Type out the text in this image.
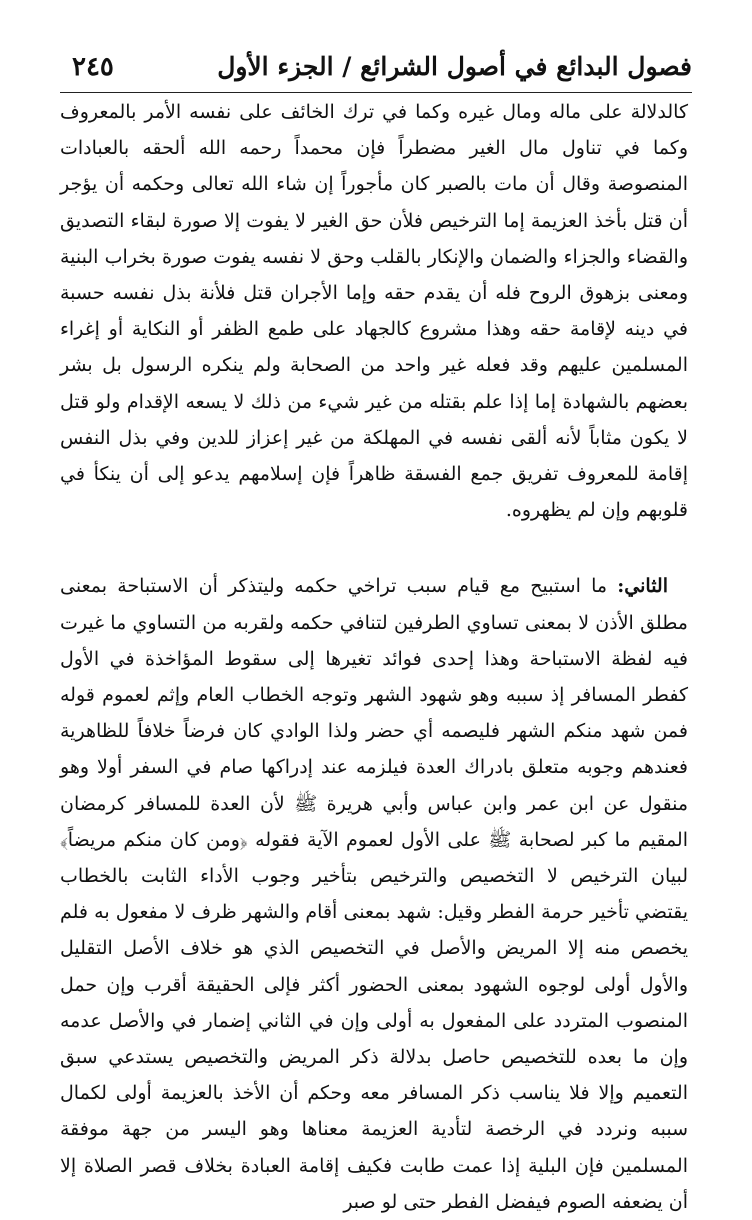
فصول البدائع في أصول الشرائع / الجزء الأول
٢٤٥

كالدلالة على ماله ومال غيره وكما في ترك الخائف على نفسه الأمر بالمعروف وكما في تناول مال الغير مضطراً فإن محمداً رحمه الله ألحقه بالعبادات المنصوصة وقال أن مات بالصبر كان مأجوراً إن شاء الله تعالى وحكمه أن يؤجر أن قتل بأخذ العزيمة إما الترخيص فلأن حق الغير لا يفوت إلا صورة لبقاء التصديق والقضاء والجزاء والضمان والإنكار بالقلب وحق لا نفسه يفوت صورة بخراب البنية ومعنى بزهوق الروح فله أن يقدم حقه وإما الأجران قتل فلأنة بذل نفسه حسبة في دينه لإقامة حقه وهذا مشروع كالجهاد على طمع الظفر أو النكاية أو إغراء المسلمين عليهم وقد فعله غير واحد من الصحابة ولم ينكره الرسول بل بشر بعضهم بالشهادة إما إذا علم بقتله من غير شيء من ذلك لا يسعه الإقدام ولو قتل لا يكون مثاباً لأنه ألقى نفسه في المهلكة من غير إعزاز للدين وفي بذل النفس إقامة للمعروف تفريق جمع الفسقة ظاهراً فإن إسلامهم يدعو إلى أن ينكأ في قلوبهم وإن لم يظهروه.

الثاني: ما استبيح مع قيام سبب تراخي حكمه وليتذكر أن الاستباحة بمعنى مطلق الأذن لا بمعنى تساوي الطرفين لتنافي حكمه ولقربه من التساوي ما غيرت فيه لفظة الاستباحة وهذا إحدى فوائد تغيرها إلى سقوط المؤاخذة في الأول كفطر المسافر إذ سببه وهو شهود الشهر وتوجه الخطاب العام وإثم لعموم قوله فمن شهد منكم الشهر فليصمه أي حضر ولذا الوادي كان فرضاً خلافاً للظاهرية فعندهم وجوبه متعلق بادراك العدة فيلزمه عند إدراكها صام في السفر أولا وهو منقول عن ابن عمر وابن عباس وأبي هريرة ﷺ لأن العدة للمسافر كرمضان المقيم ما كبر لصحابة ﷺ على الأول لعموم الآية فقوله ﴿ومن كان منكم مريضاً﴾ لبيان الترخيص لا التخصيص والترخيص بتأخير وجوب الأداء الثابت بالخطاب يقتضي تأخير حرمة الفطر وقيل: شهد بمعنى أقام والشهر ظرف لا مفعول به فلم يخصص منه إلا المريض والأصل في التخصيص الذي هو خلاف الأصل التقليل والأول أولى لوجوه الشهود بمعنى الحضور أكثر فإلى الحقيقة أقرب وإن حمل المنصوب المتردد على المفعول به أولى وإن في الثاني إضمار في والأصل عدمه وإن ما بعده للتخصيص حاصل بدلالة ذكر المريض والتخصيص يستدعي سبق التعميم وإلا فلا يناسب ذكر المسافر معه وحكم أن الأخذ بالعزيمة أولى لكمال سببه ونردد في الرخصة لتأدية العزيمة معناها وهو اليسر من جهة موفقة المسلمين فإن البلية إذا عمت طابت فكيف إقامة العبادة بخلاف قصر الصلاة إلا أن يضعفه الصوم فيفضل الفطر حتى لو صبر
